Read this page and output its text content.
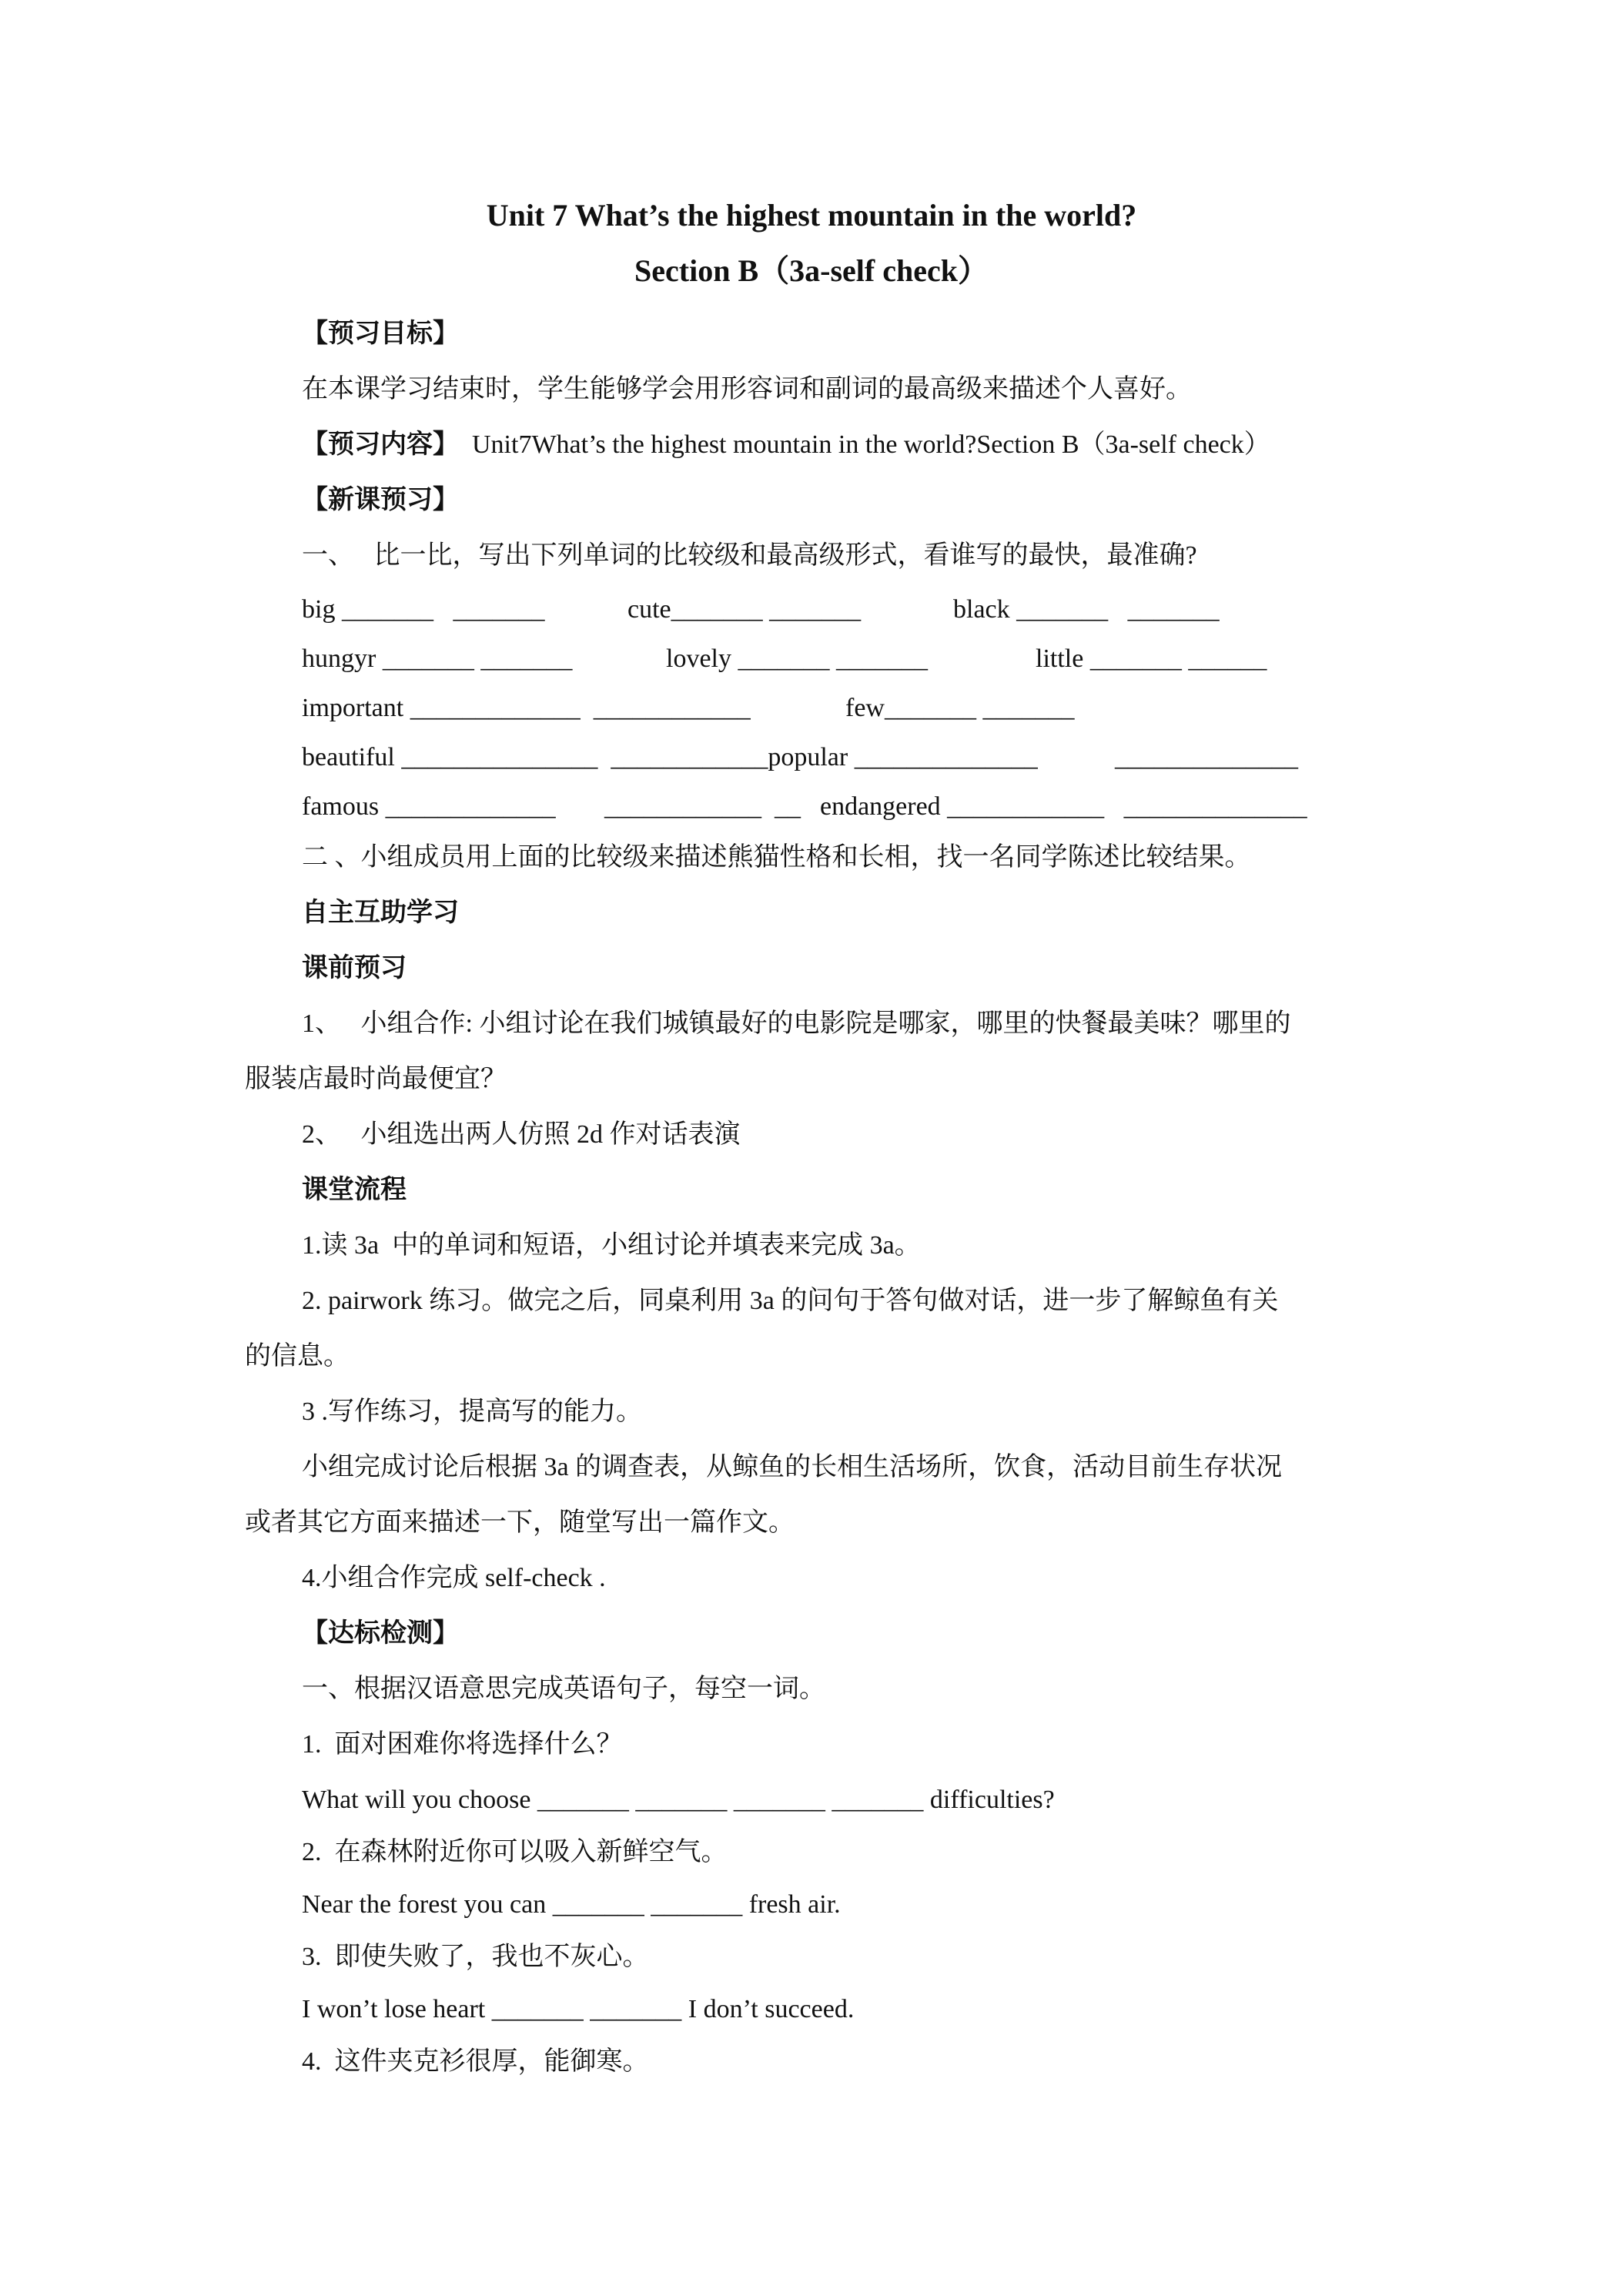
Unit 7 What’s the highest mountain in the world?
Section B（3a-self check）
【预习目标】
在本课学习结束时，学生能够学会用形容词和副词的最高级来描述个人喜好。
【预习内容】 Unit7What’s the highest mountain in the world?Section B（3a-self check）
【新课预习】
一、   比一比，写出下列单词的比较级和最高级形式，看谁写的最快，最准确?
big _______   _______	cute_______ _______	black _______   _______
hungyr _______ _______	lovely _______ _______	little _______ ______
important _____________  ____________	few_______ _______
beautiful _______________  ____________popular ______________	______________
famous _____________ ____________  __ endangered ____________   ______________
二 、小组成员用上面的比较级来描述熊猫性格和长相，找一名同学陈述比较结果。
自主互助学习
课前预习
1、   小组合作: 小组讨论在我们城镇最好的电影院是哪家，哪里的快餐最美味？哪里的
服装店最时尚最便宜？
2、   小组选出两人仿照 2d 作对话表演
课堂流程
1.读 3a  中的单词和短语，小组讨论并填表来完成 3a。
2. pairwork 练习。做完之后，同桌利用 3a 的问句于答句做对话，进一步了解鲸鱼有关
的信息。
3 .写作练习，提高写的能力。
小组完成讨论后根据 3a 的调查表，从鲸鱼的长相生活场所，饮食，活动目前生存状况
或者其它方面来描述一下，随堂写出一篇作文。
4.小组合作完成 self-check .
【达标检测】
一、根据汉语意思完成英语句子，每空一词。
1.  面对困难你将选择什么？
What will you choose _______ _______ _______ _______ difficulties?
2.  在森林附近你可以吸入新鲜空气。
Near the forest you can _______ _______ fresh air.
3.  即使失败了，我也不灰心。
I won’t lose heart _______ _______ I don’t succeed.
4.  这件夹克衫很厚，能御寒。
